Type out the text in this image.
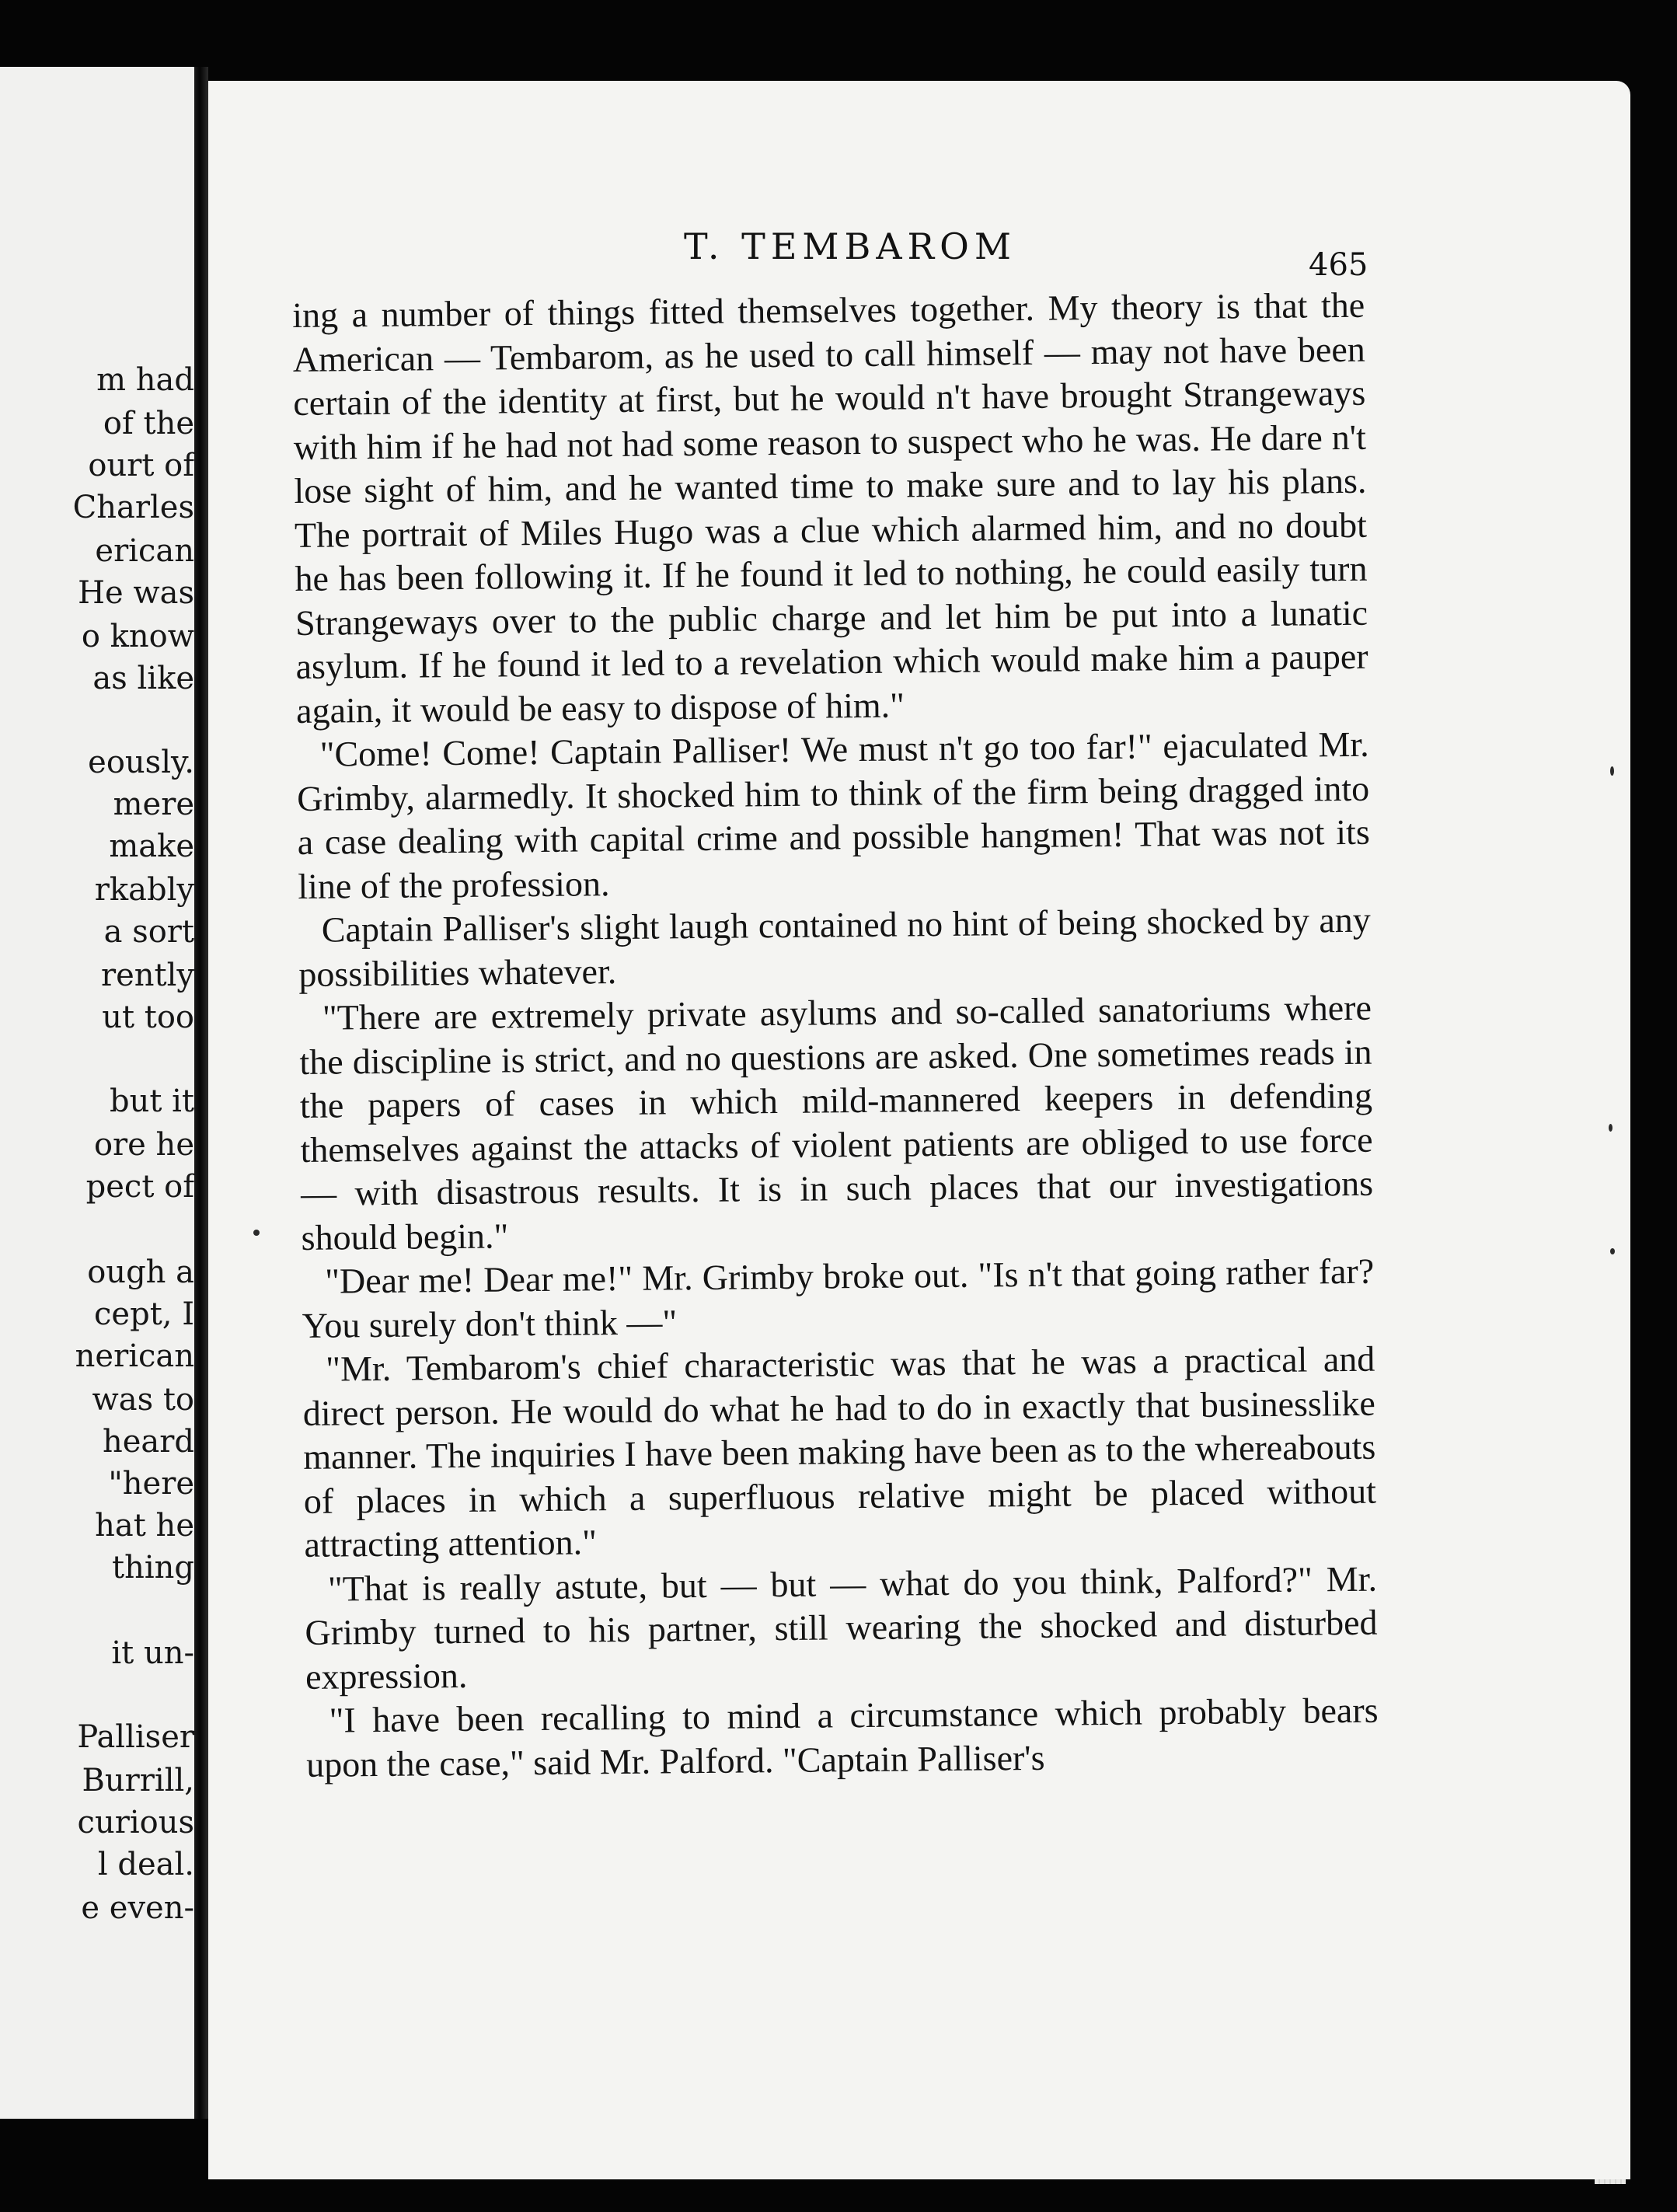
m had
of the
ourt of
Charles
erican
He was
o know
as like
eously.
mere
make
rkably
a sort
rently
ut too
but it
ore he
pect of
ough a
cept, I
nerican
was to
heard
"here
hat he
thing
it un-
Palliser
Burrill,
curious
l deal.
e even-
T. TEMBAROM	465

ing a number of things fitted themselves together. My theory is that the American — Tembarom, as he used to call himself — may not have been certain of the identity at first, but he would n't have brought Strangeways with him if he had not had some reason to suspect who he was. He dare n't lose sight of him, and he wanted time to make sure and to lay his plans. The portrait of Miles Hugo was a clue which alarmed him, and no doubt he has been following it. If he found it led to nothing, he could easily turn Strangeways over to the public charge and let him be put into a lunatic asylum. If he found it led to a revelation which would make him a pauper again, it would be easy to dispose of him."

"Come! Come! Captain Palliser! We must n't go too far!" ejaculated Mr. Grimby, alarmedly. It shocked him to think of the firm being dragged into a case dealing with capital crime and possible hangmen! That was not its line of the profession.

Captain Palliser's slight laugh contained no hint of being shocked by any possibilities whatever.

"There are extremely private asylums and so-called sanatoriums where the discipline is strict, and no questions are asked. One sometimes reads in the papers of cases in which mild-mannered keepers in defending themselves against the attacks of violent patients are obliged to use force — with disastrous results. It is in such places that our investigations should begin."

"Dear me! Dear me!" Mr. Grimby broke out. "Is n't that going rather far? You surely don't think —"

"Mr. Tembarom's chief characteristic was that he was a practical and direct person. He would do what he had to do in exactly that businesslike manner. The inquiries I have been making have been as to the whereabouts of places in which a superfluous relative might be placed without attracting attention."

"That is really astute, but — but — what do you think, Palford?" Mr. Grimby turned to his partner, still wearing the shocked and disturbed expression.

"I have been recalling to mind a circumstance which probably bears upon the case," said Mr. Palford. "Captain Palliser's
